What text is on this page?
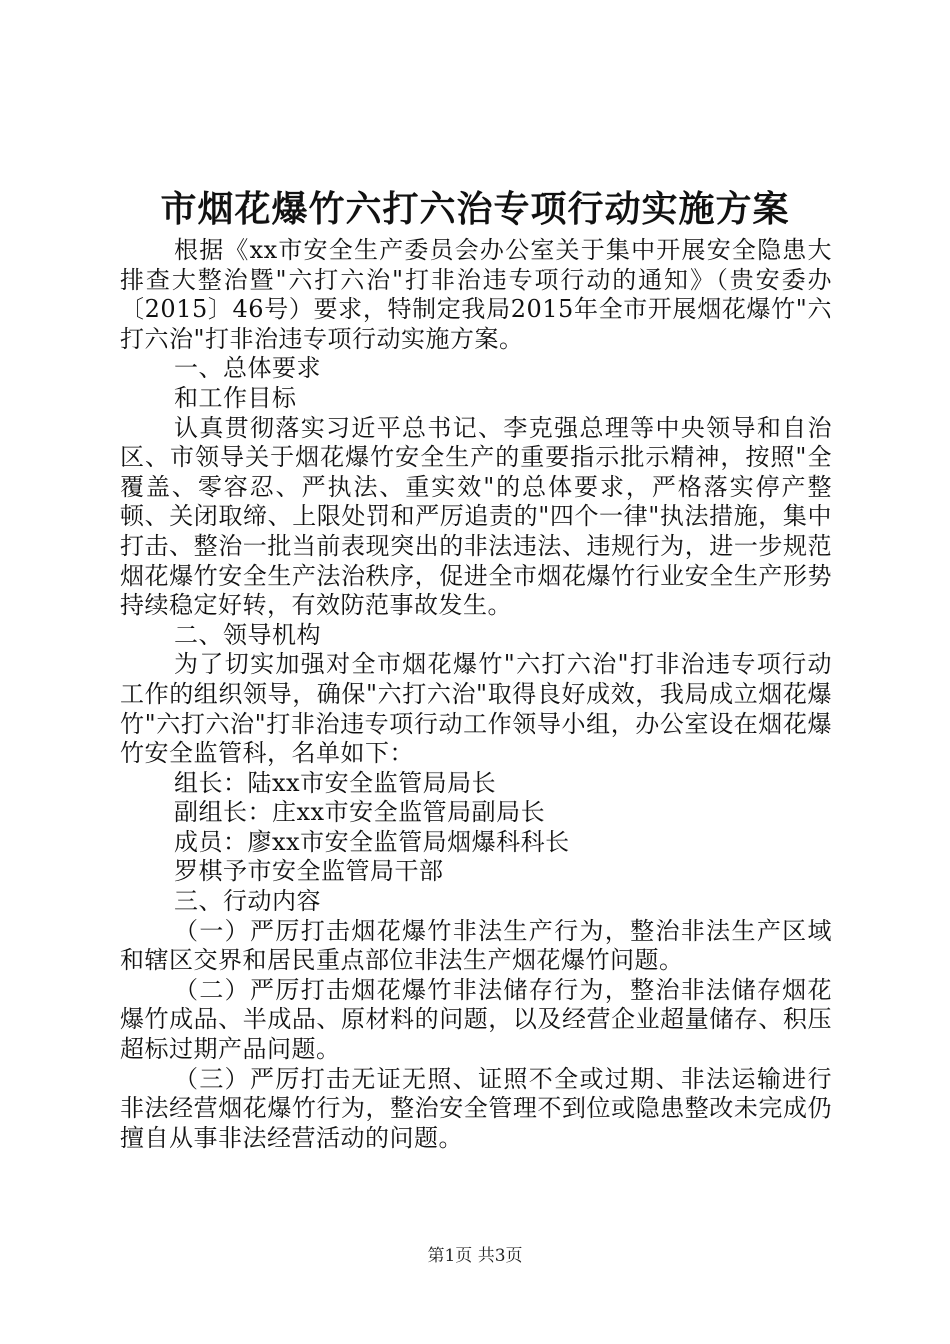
市烟花爆竹六打六治专项行动实施方案

根据《xx市安全生产委员会办公室关于集中开展安全隐患大排查大整治暨"六打六治"打非治违专项行动的通知》（贵安委办〔2015〕46号）要求，特制定我局2015年全市开展烟花爆竹"六打六治"打非治违专项行动实施方案。

一、总体要求

和工作目标

认真贯彻落实习近平总书记、李克强总理等中央领导和自治区、市领导关于烟花爆竹安全生产的重要指示批示精神，按照"全覆盖、零容忍、严执法、重实效"的总体要求，严格落实停产整顿、关闭取缔、上限处罚和严厉追责的"四个一律"执法措施，集中打击、整治一批当前表现突出的非法违法、违规行为，进一步规范烟花爆竹安全生产法治秩序，促进全市烟花爆竹行业安全生产形势持续稳定好转，有效防范事故发生。

二、领导机构

为了切实加强对全市烟花爆竹"六打六治"打非治违专项行动工作的组织领导，确保"六打六治"取得良好成效，我局成立烟花爆竹"六打六治"打非治违专项行动工作领导小组，办公室设在烟花爆竹安全监管科，名单如下：

组长：陆xx市安全监管局局长

副组长：庄xx市安全监管局副局长

成员：廖xx市安全监管局烟爆科科长

罗棋予市安全监管局干部

三、行动内容

（一）严厉打击烟花爆竹非法生产行为，整治非法生产区域和辖区交界和居民重点部位非法生产烟花爆竹问题。

（二）严厉打击烟花爆竹非法储存行为，整治非法储存烟花爆竹成品、半成品、原材料的问题，以及经营企业超量储存、积压超标过期产品问题。

（三）严厉打击无证无照、证照不全或过期、非法运输进行非法经营烟花爆竹行为，整治安全管理不到位或隐患整改未完成仍擅自从事非法经营活动的问题。

第1页 共3页
